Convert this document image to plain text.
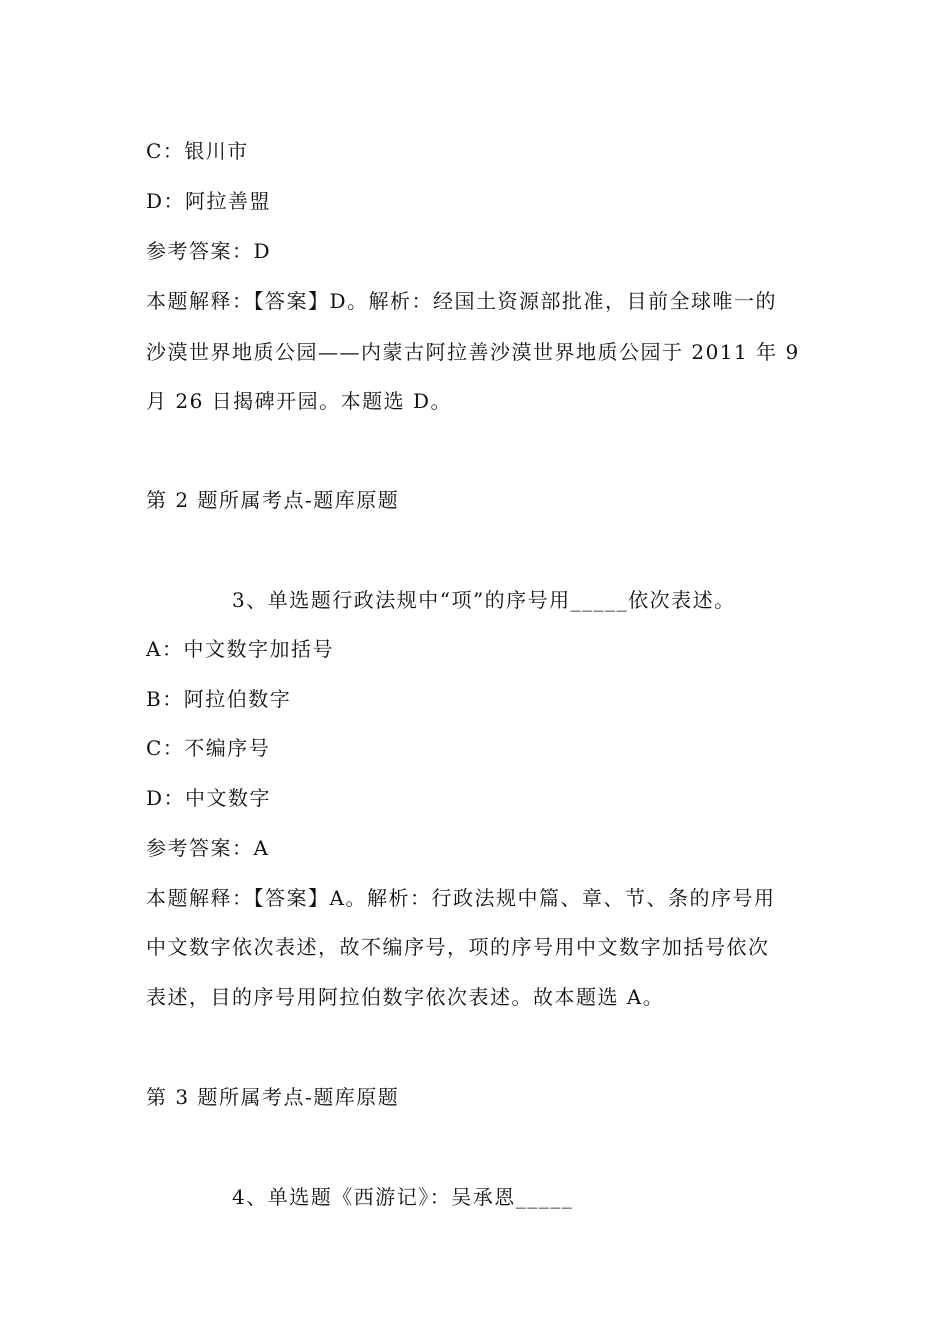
C：银川市
D：阿拉善盟
参考答案：D
本题解释：【答案】D。解析：经国土资源部批准，目前全球唯一的
沙漠世界地质公园——内蒙古阿拉善沙漠世界地质公园于 2011 年 9
月 26 日揭碑开园。本题选 D。
第 2 题所属考点-题库原题
3、单选题行政法规中“项”的序号用_____依次表述。
A：中文数字加括号
B：阿拉伯数字
C：不编序号
D：中文数字
参考答案：A
本题解释：【答案】A。解析：行政法规中篇、章、节、条的序号用
中文数字依次表述，故不编序号，项的序号用中文数字加括号依次
表述，目的序号用阿拉伯数字依次表述。故本题选 A。
第 3 题所属考点-题库原题
4、单选题《西游记》：吴承恩_____
